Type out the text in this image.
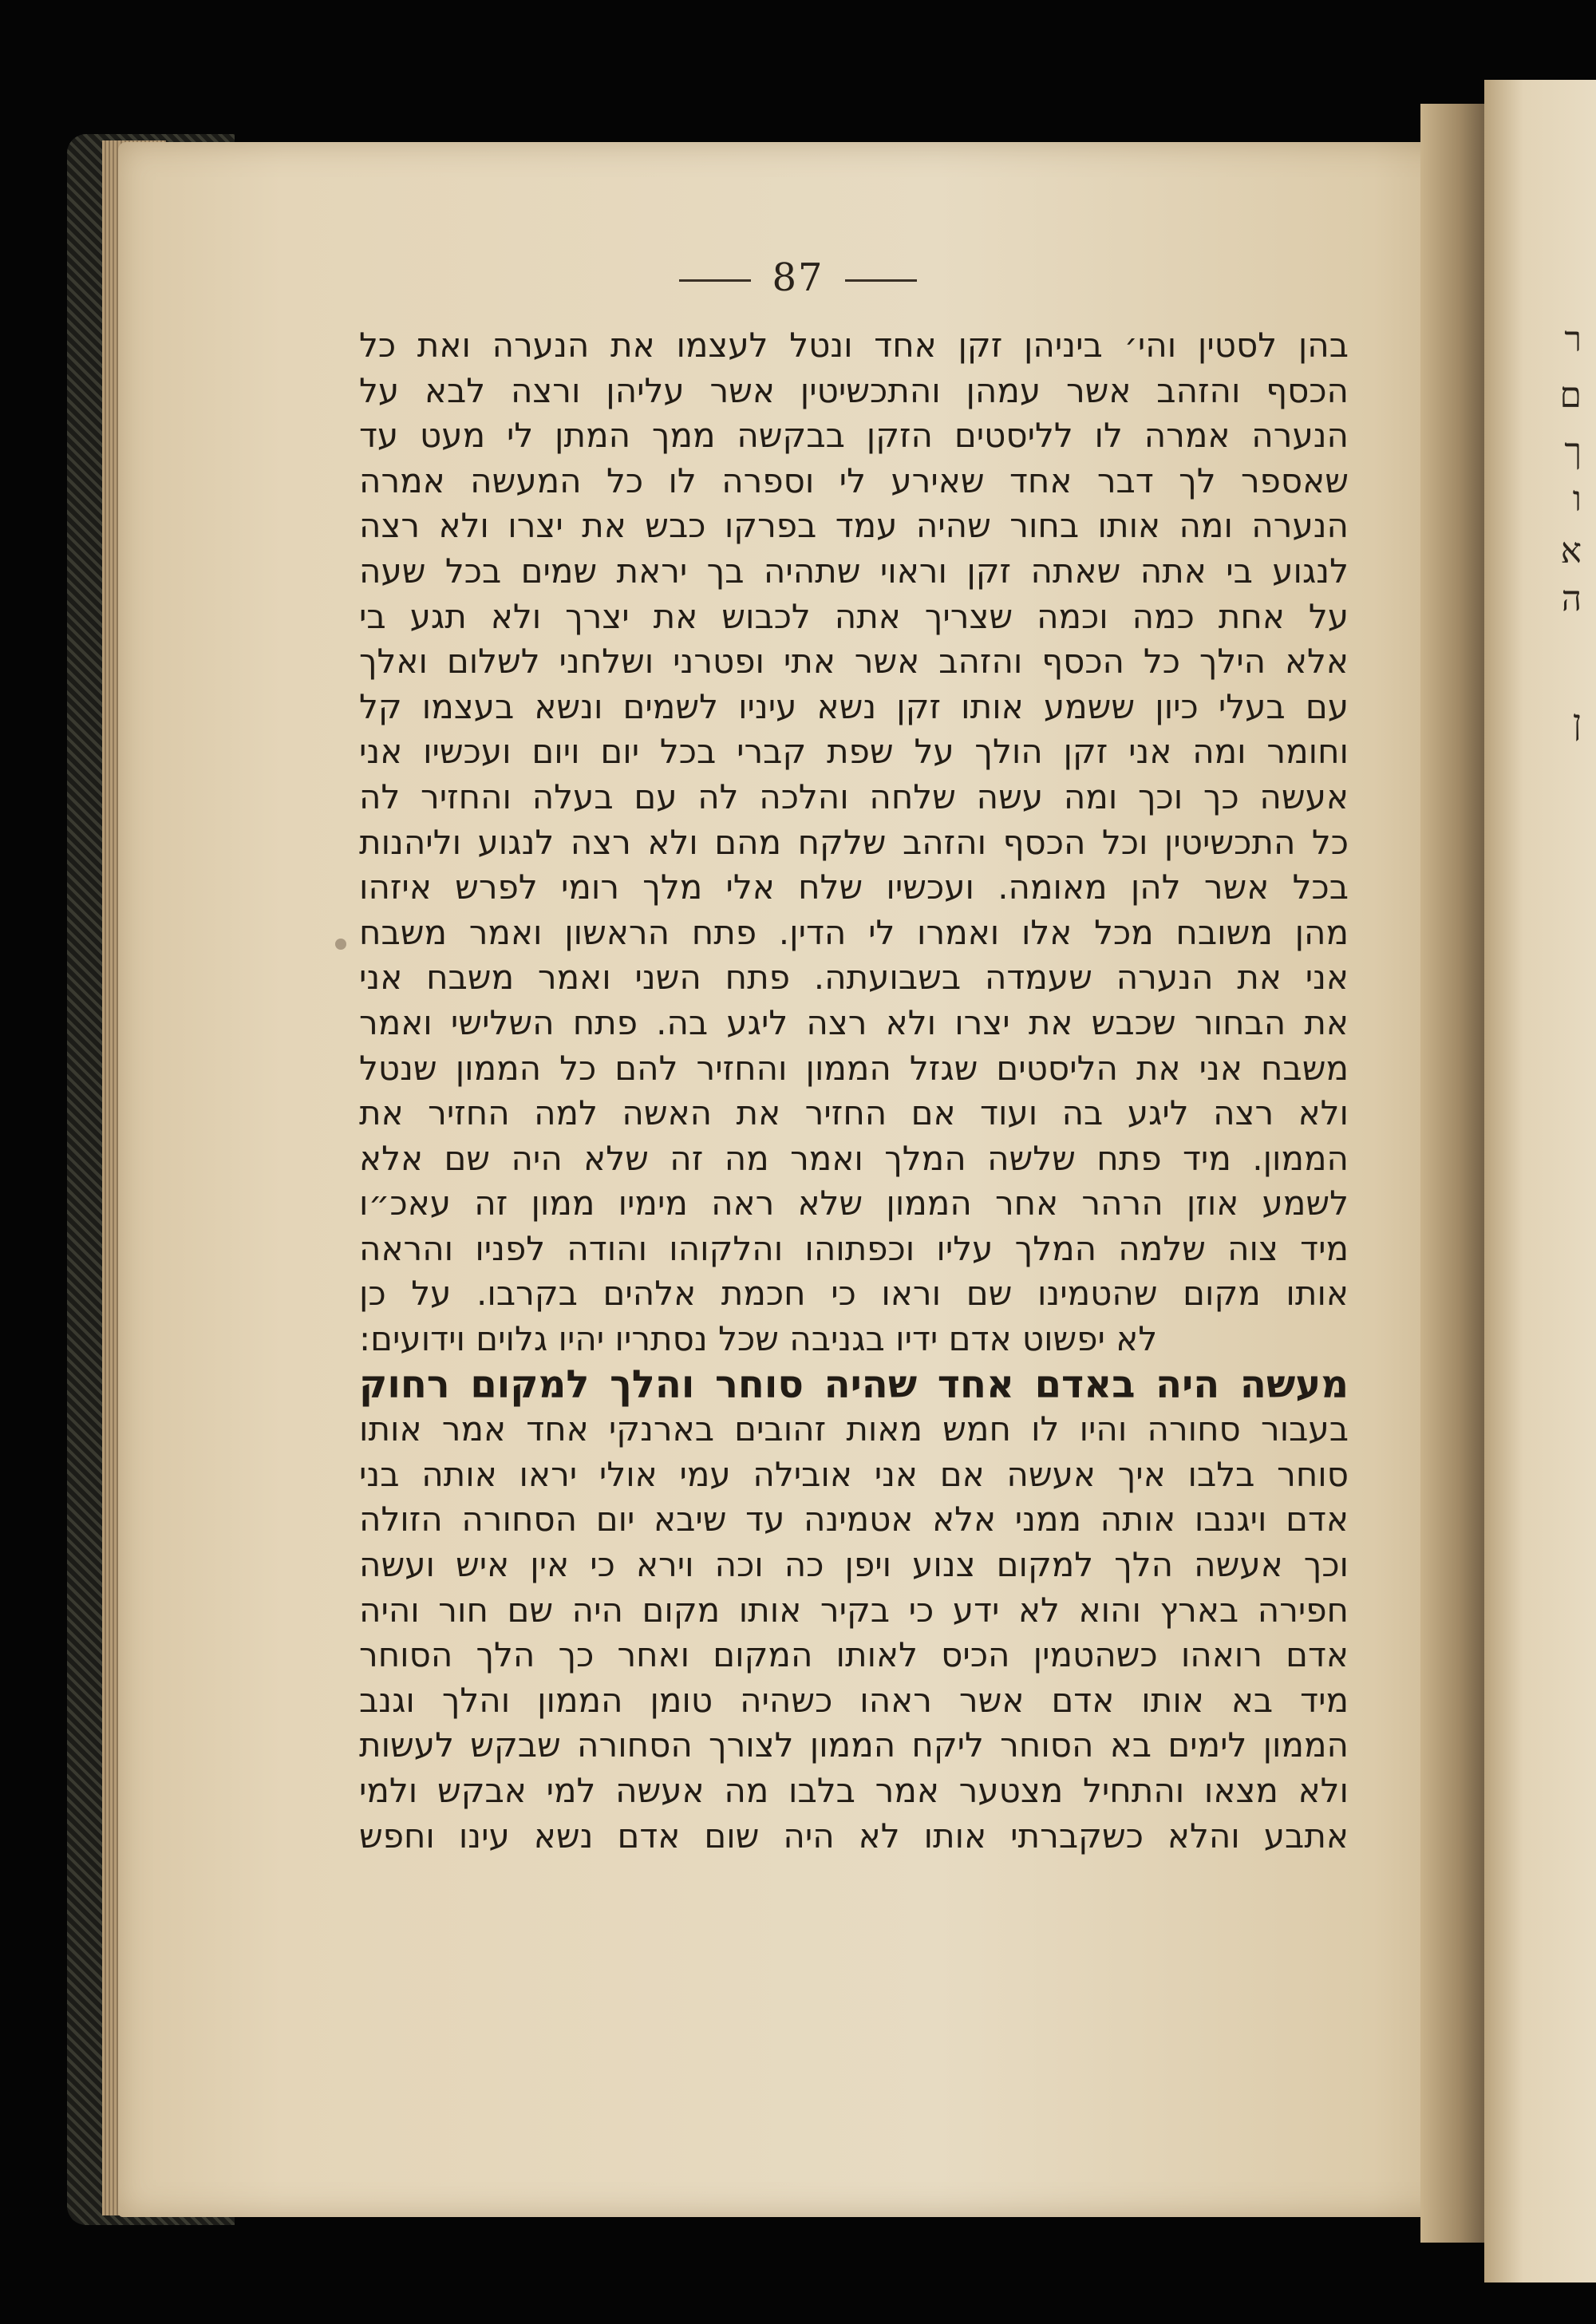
ר
ם
ך
ו
א
ה
ן
87
בהן לסטין והי׳ ביניהן זקן אחד ונטל לעצמו את הנערה ואת כל
הכסף והזהב אשר עמהן והתכשיטין אשר עליהן ורצה לבא על
הנערה אמרה לו לליסטים הזקן בבקשה ממך המתן לי מעט עד
שאספר לך דבר אחד שאירע לי וספרה לו כל המעשה אמרה
הנערה ומה אותו בחור שהיה עמד בפרקו כבש את יצרו ולא רצה
לנגוע בי אתה שאתה זקן וראוי שתהיה בך יראת שמים בכל שעה
על אחת כמה וכמה שצריך אתה לכבוש את יצרך ולא תגע בי
אלא הילך כל הכסף והזהב אשר אתי ופטרני ושלחני לשלום ואלך
עם בעלי כיון ששמע אותו זקן נשא עיניו לשמים ונשא בעצמו קל
וחומר ומה אני זקן הולך על שפת קברי בכל יום ויום ועכשיו אני
אעשה כך וכך ומה עשה שלחה והלכה לה עם בעלה והחזיר לה
כל התכשיטין וכל הכסף והזהב שלקח מהם ולא רצה לנגוע וליהנות
בכל אשר להן מאומה. ועכשיו שלח אלי מלך רומי לפרש איזהו
מהן משובח מכל אלו ואמרו לי הדין. פתח הראשון ואמר משבח
אני את הנערה שעמדה בשבועתה. פתח השני ואמר משבח אני
את הבחור שכבש את יצרו ולא רצה ליגע בה. פתח השלישי ואמר
משבח אני את הליסטים שגזל הממון והחזיר להם כל הממון שנטל
ולא רצה ליגע בה ועוד אם החזיר את האשה למה החזיר את
הממון. מיד פתח שלשה המלך ואמר מה זה שלא היה שם אלא
לשמע אוזן הרהר אחר הממון שלא ראה מימיו ממון זה עאכ״ו
מיד צוה שלמה המלך עליו וכפתוהו והלקוהו והודה לפניו והראה
אותו מקום שהטמינו שם וראו כי חכמת אלהים בקרבו. על כן
לא יפשוט אדם ידיו בגניבה שכל נסתריו יהיו גלוים וידועים:
מעשה היה באדם אחד שהיה סוחר והלך למקום רחוק
בעבור סחורה והיו לו חמש מאות זהובים בארנקי אחד אמר אותו
סוחר בלבו איך אעשה אם אני אובילה עמי אולי יראו אותה בני
אדם ויגנבו אותה ממני אלא אטמינה עד שיבא יום הסחורה הזולה
וכך אעשה הלך למקום צנוע ויפן כה וכה וירא כי אין איש ועשה
חפירה בארץ והוא לא ידע כי בקיר אותו מקום היה שם חור והיה
אדם רואהו כשהטמין הכיס לאותו המקום ואחר כך הלך הסוחר
מיד בא אותו אדם אשר ראהו כשהיה טומן הממון והלך וגנב
הממון לימים בא הסוחר ליקח הממון לצורך הסחורה שבקש לעשות
ולא מצאו והתחיל מצטער אמר בלבו מה אעשה למי אבקש ולמי
אתבע והלא כשקברתי אותו לא היה שום אדם נשא עינו וחפש
